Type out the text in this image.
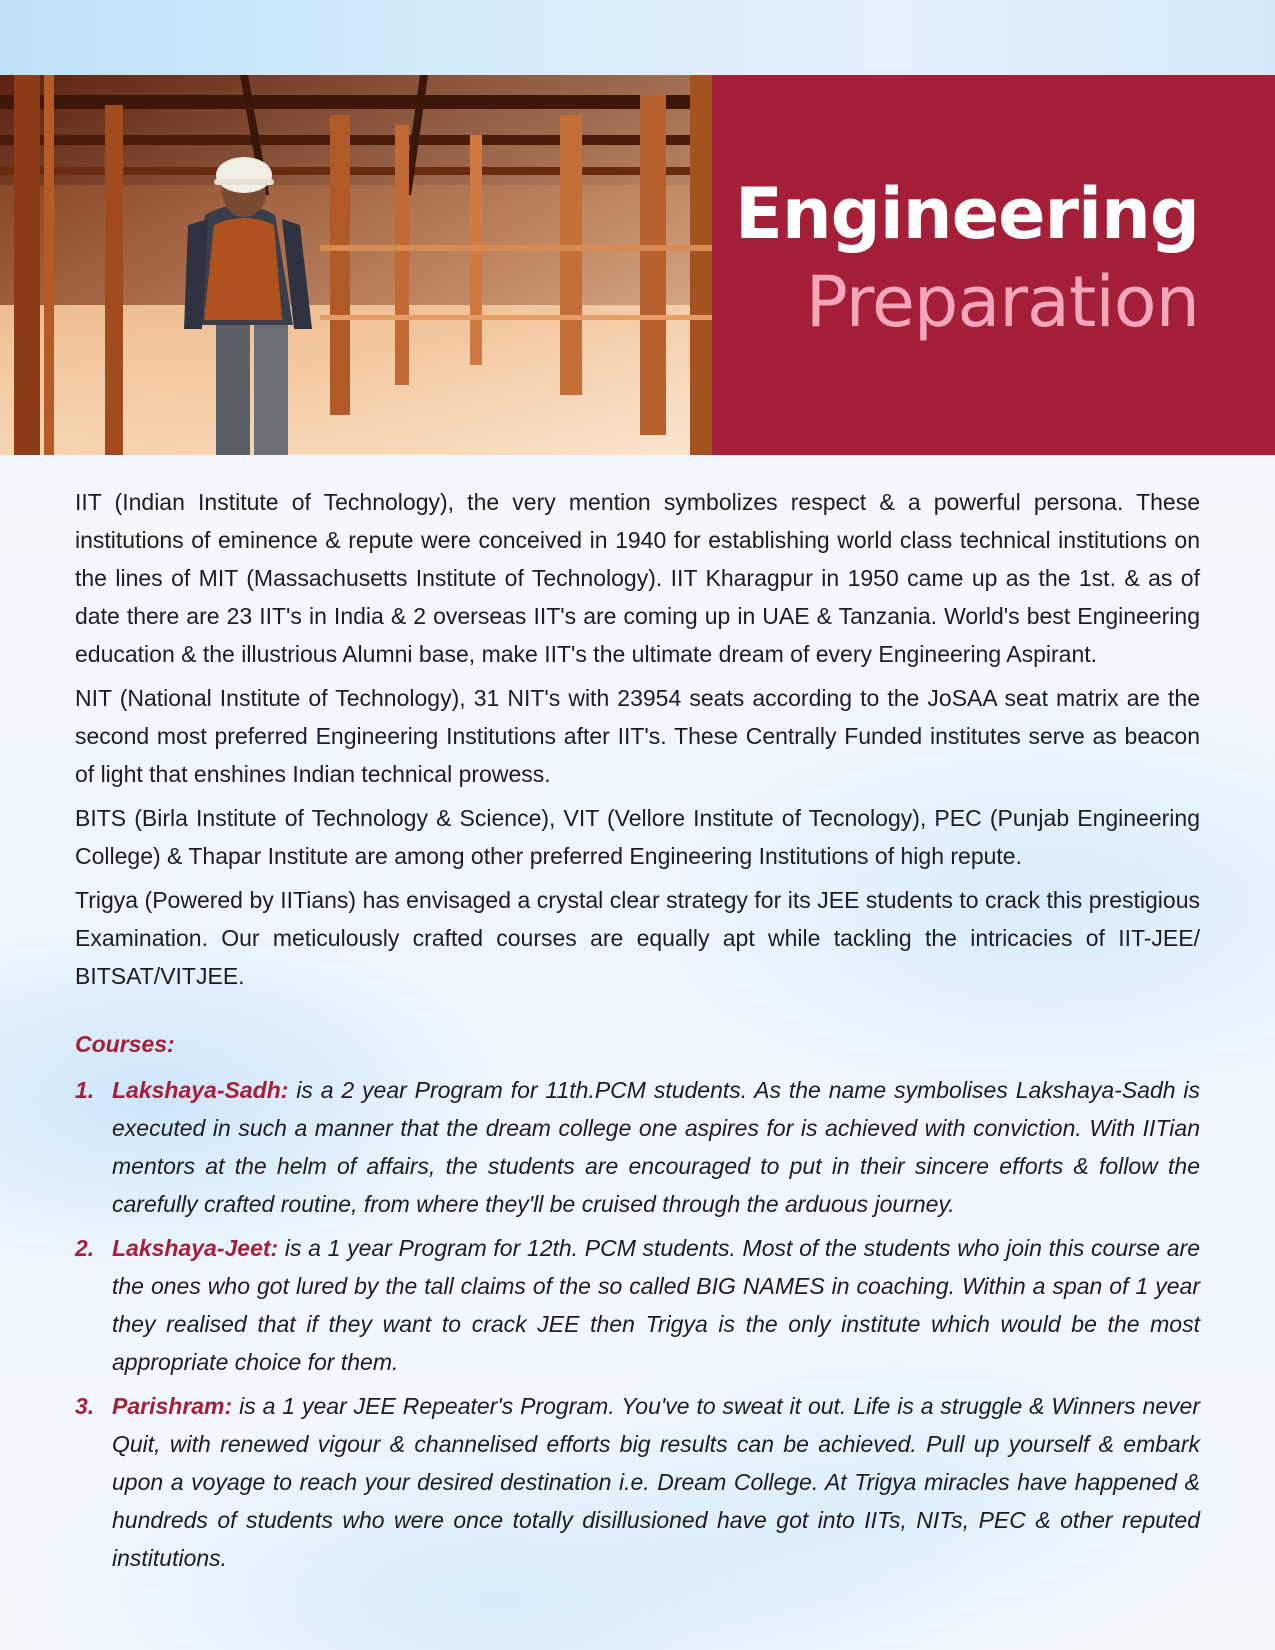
Engineering
Preparation

IIT (Indian Institute of Technology), the very mention symbolizes respect & a powerful persona. These institutions of eminence & repute were conceived in 1940 for establishing world class technical institutions on the lines of MIT (Massachusetts Institute of Technology). IIT Kharagpur in 1950 came up as the 1st. & as of date there are 23 IIT's in India & 2 overseas IIT's are coming up in UAE & Tanzania. World's best Engineering education & the illustrious Alumni base, make IIT's the ultimate dream of every Engineering Aspirant.

NIT (National Institute of Technology), 31 NIT's with 23954 seats according to the JoSAA seat matrix are the second most preferred Engineering Institutions after IIT's. These Centrally Funded institutes serve as beacon of light that enshines Indian technical prowess.

BITS (Birla Institute of Technology & Science), VIT (Vellore Institute of Tecnology), PEC (Punjab Engineering College) & Thapar Institute are among other preferred Engineering Institutions of high repute.

Trigya (Powered by IITians) has envisaged a crystal clear strategy for its JEE students to crack this prestigious Examination. Our meticulously crafted courses are equally apt while tackling the intricacies of IIT-JEE/ BITSAT/VITJEE.

Courses:
1. Lakshaya-Sadh: is a 2 year Program for 11th.PCM students. As the name symbolises Lakshaya-Sadh is executed in such a manner that the dream college one aspires for is achieved with conviction. With IITian mentors at the helm of affairs, the students are encouraged to put in their sincere efforts & follow the carefully crafted routine, from where they'll be cruised through the arduous journey.
2. Lakshaya-Jeet: is a 1 year Program for 12th. PCM students. Most of the students who join this course are the ones who got lured by the tall claims of the so called BIG NAMES in coaching. Within a span of 1 year they realised that if they want to crack JEE then Trigya is the only institute which would be the most appropriate choice for them.
3. Parishram: is a 1 year JEE Repeater's Program. You've to sweat it out. Life is a struggle & Winners never Quit, with renewed vigour & channelised efforts big results can be achieved. Pull up yourself & embark upon a voyage to reach your desired destination i.e. Dream College. At Trigya miracles have happened & hundreds of students who were once totally disillusioned have got into IITs, NITs, PEC & other reputed institutions.
